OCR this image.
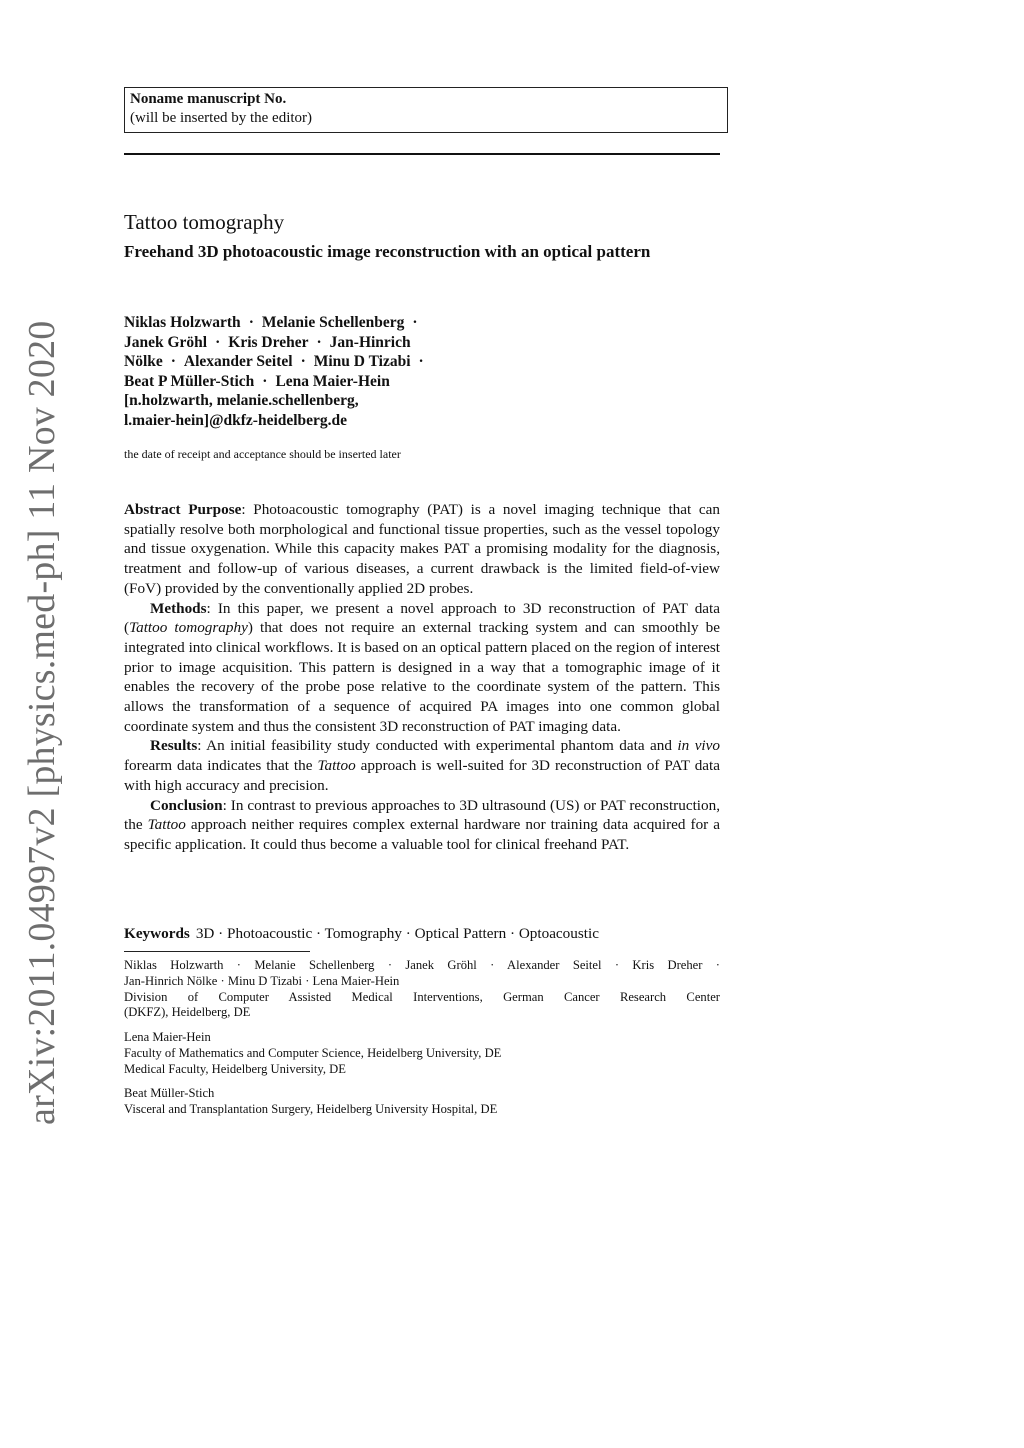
arXiv:2011.04997v2 [physics.med-ph] 11 Nov 2020
Noname manuscript No.
(will be inserted by the editor)
Tattoo tomography
Freehand 3D photoacoustic image reconstruction with an optical pattern
Niklas Holzwarth · Melanie Schellenberg ·
Janek Gröhl · Kris Dreher · Jan-Hinrich
Nölke · Alexander Seitel · Minu D Tizabi ·
Beat P Müller-Stich · Lena Maier-Hein
[n.holzwarth, melanie.schellenberg,
l.maier-hein]@dkfz-heidelberg.de
the date of receipt and acceptance should be inserted later

Abstract Purpose: Photoacoustic tomography (PAT) is a novel imaging technique that can spatially resolve both morphological and functional tissue properties, such as the vessel topology and tissue oxygenation. While this capacity makes PAT a promising modality for the diagnosis, treatment and follow-up of various diseases, a current drawback is the limited field-of-view (FoV) provided by the conventionally applied 2D probes.

Methods: In this paper, we present a novel approach to 3D reconstruction of PAT data (Tattoo tomography) that does not require an external tracking system and can smoothly be integrated into clinical workflows. It is based on an optical pattern placed on the region of interest prior to image acquisition. This pattern is designed in a way that a tomographic image of it enables the recovery of the probe pose relative to the coordinate system of the pattern. This allows the transformation of a sequence of acquired PA images into one common global coordinate system and thus the consistent 3D reconstruction of PAT imaging data.

Results: An initial feasibility study conducted with experimental phantom data and in vivo forearm data indicates that the Tattoo approach is well-suited for 3D reconstruction of PAT data with high accuracy and precision.

Conclusion: In contrast to previous approaches to 3D ultrasound (US) or PAT reconstruction, the Tattoo approach neither requires complex external hardware nor training data acquired for a specific application. It could thus become a valuable tool for clinical freehand PAT.

Keywords 3D · Photoacoustic · Tomography · Optical Pattern · Optoacoustic

Niklas Holzwarth · Melanie Schellenberg · Janek Gröhl · Alexander Seitel · Kris Dreher ·

Jan-Hinrich Nölke · Minu D Tizabi · Lena Maier-Hein

Division of Computer Assisted Medical Interventions, German Cancer Research Center

(DKFZ), Heidelberg, DE

Lena Maier-Hein

Faculty of Mathematics and Computer Science, Heidelberg University, DE

Medical Faculty, Heidelberg University, DE

Beat Müller-Stich

Visceral and Transplantation Surgery, Heidelberg University Hospital, DE
